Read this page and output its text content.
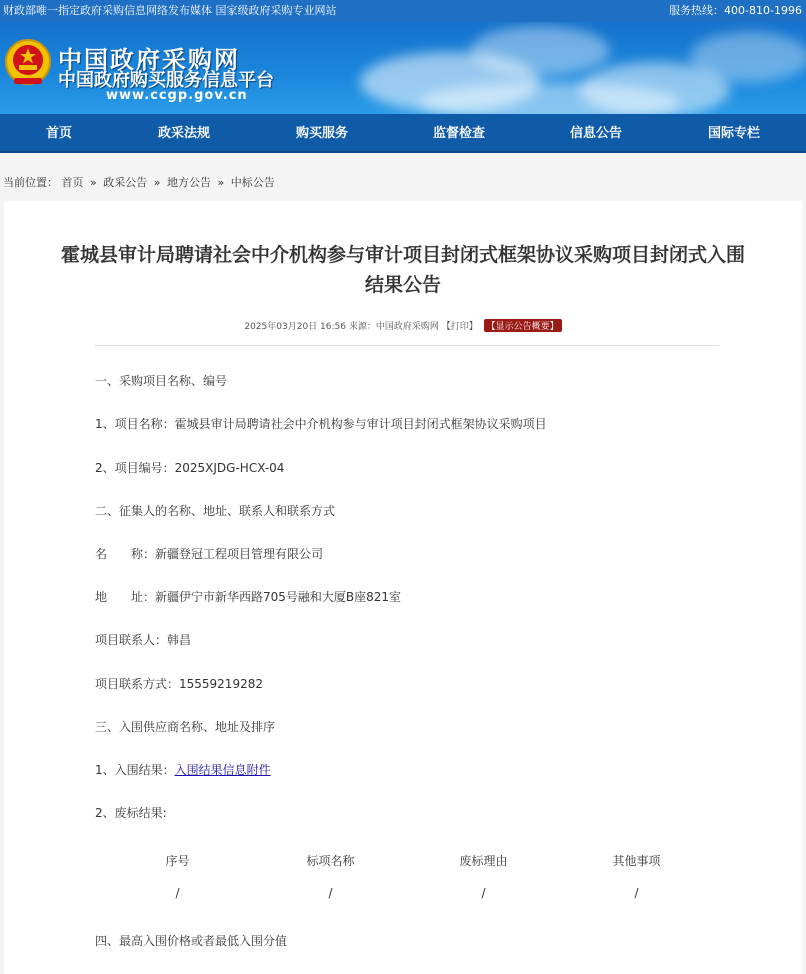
财政部唯一指定政府采购信息网络发布媒体 国家级政府采购专业网站	服务热线：400-810-1996
中国政府采购网
中国政府购买服务信息平台
www.ccgp.gov.cn
首页	政采法规	购买服务	监督检查	信息公告	国际专栏
当前位置： 首页 » 政采公告 » 地方公告 » 中标公告
霍城县审计局聘请社会中介机构参与审计项目封闭式框架协议采购项目封闭式入围
结果公告
2025年03月20日 16:56 来源：中国政府采购网 【打印】 【显示公告概要】
一、采购项目名称、编号
1、项目名称：霍城县审计局聘请社会中介机构参与审计项目封闭式框架协议采购项目
2、项目编号：2025XJDG-HCX-04
二、征集人的名称、地址、联系人和联系方式
名　　称：新疆登冠工程项目管理有限公司
地　　址：新疆伊宁市新华西路705号融和大厦B座821室
项目联系人：韩昌
项目联系方式：15559219282
三、入围供应商名称、地址及排序
1、入围结果：入围结果信息附件
2、废标结果:
序号	标项名称	废标理由	其他事项
/	/	/	/
四、最高入围价格或者最低入围分值
